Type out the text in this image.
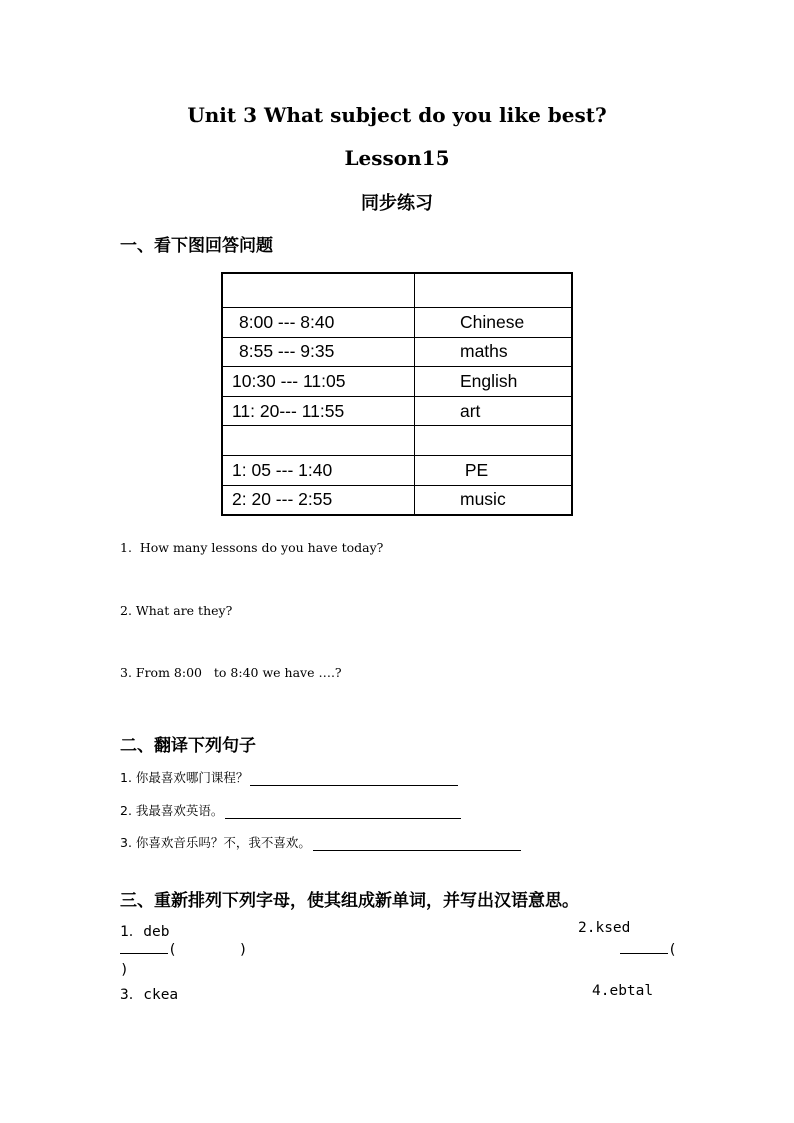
Unit 3 What subject do you like best?
Lesson15
同步练习
一、看下图回答问题

8:00 --- 8:40	Chinese
8:55 --- 9:35	maths
10:30 --- 11:05	English
11: 20--- 11:55	art

1: 05 --- 1:40	PE
2: 20 --- 2:55	music
1.  How many lessons do you have today?
2. What are they?
3. From 8:00   to 8:40 we have ….?
二、翻译下列句子
1. 你最喜欢哪门课程？
2. 我最喜欢英语。
3. 你喜欢音乐吗？不，我不喜欢。
三、重新排列下列字母，使其组成新单词，并写出汉语意思。
1．deb	2.ksed
(	)	(
)
3．ckea	4.ebtal
